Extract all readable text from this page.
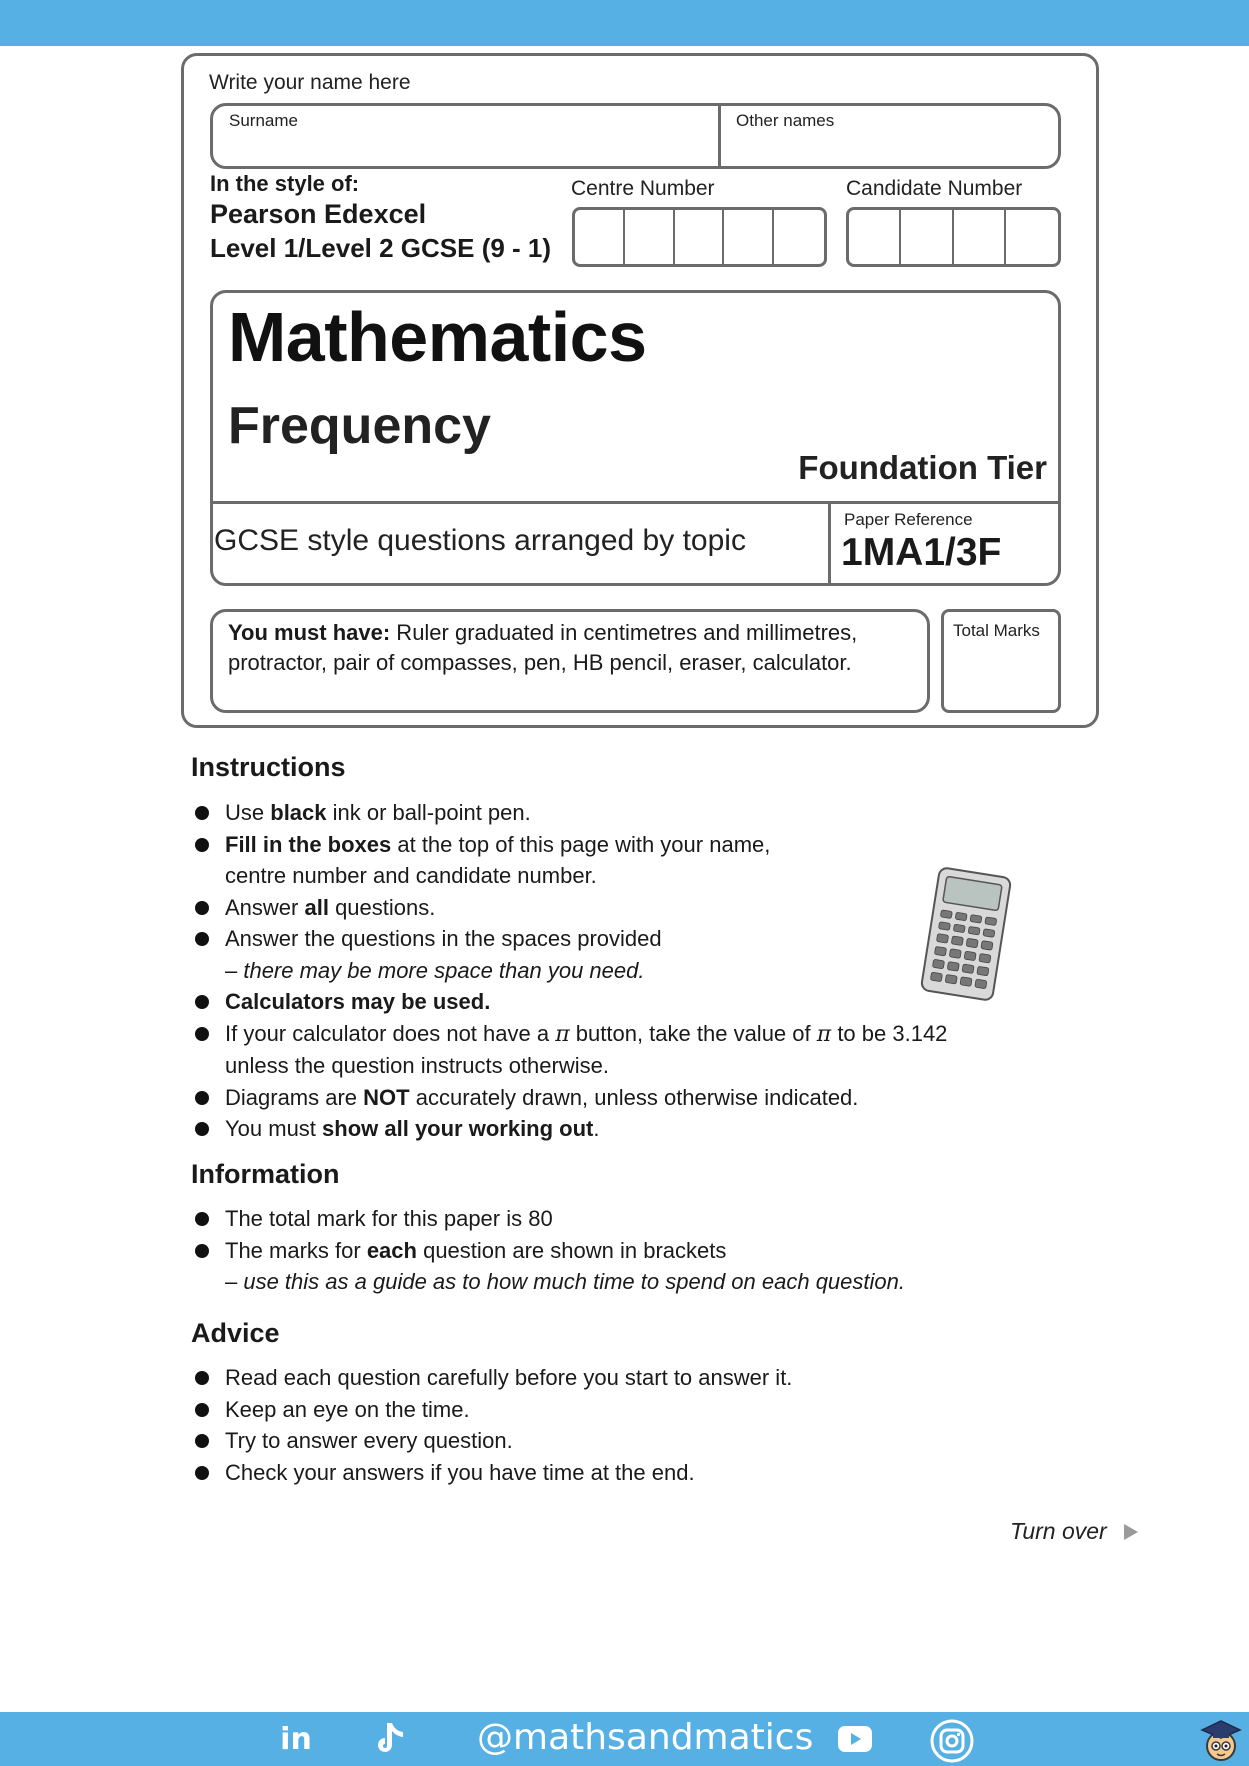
Write your name here
Surname	Other names
In the style of:
Pearson Edexcel
Level 1/Level 2 GCSE (9 - 1)
Centre Number	Candidate Number
Mathematics
Frequency
Foundation Tier
GCSE style questions arranged by topic
Paper Reference
1MA1/3F
You must have: Ruler graduated in centimetres and millimetres, protractor, pair of compasses, pen, HB pencil, eraser, calculator.
Total Marks
Instructions
Use black ink or ball-point pen.
Fill in the boxes at the top of this page with your name,
centre number and candidate number.
Answer all questions.
Answer the questions in the spaces provided
– there may be more space than you need.
Calculators may be used.
If your calculator does not have a π button, take the value of π to be 3.142
unless the question instructs otherwise.
Diagrams are NOT accurately drawn, unless otherwise indicated.
You must show all your working out.
Information
The total mark for this paper is 80
The marks for each question are shown in brackets
– use this as a guide as to how much time to spend on each question.
Advice
Read each question carefully before you start to answer it.
Keep an eye on the time.
Try to answer every question.
Check your answers if you have time at the end.
Turn over
in	@mathsandmatics
